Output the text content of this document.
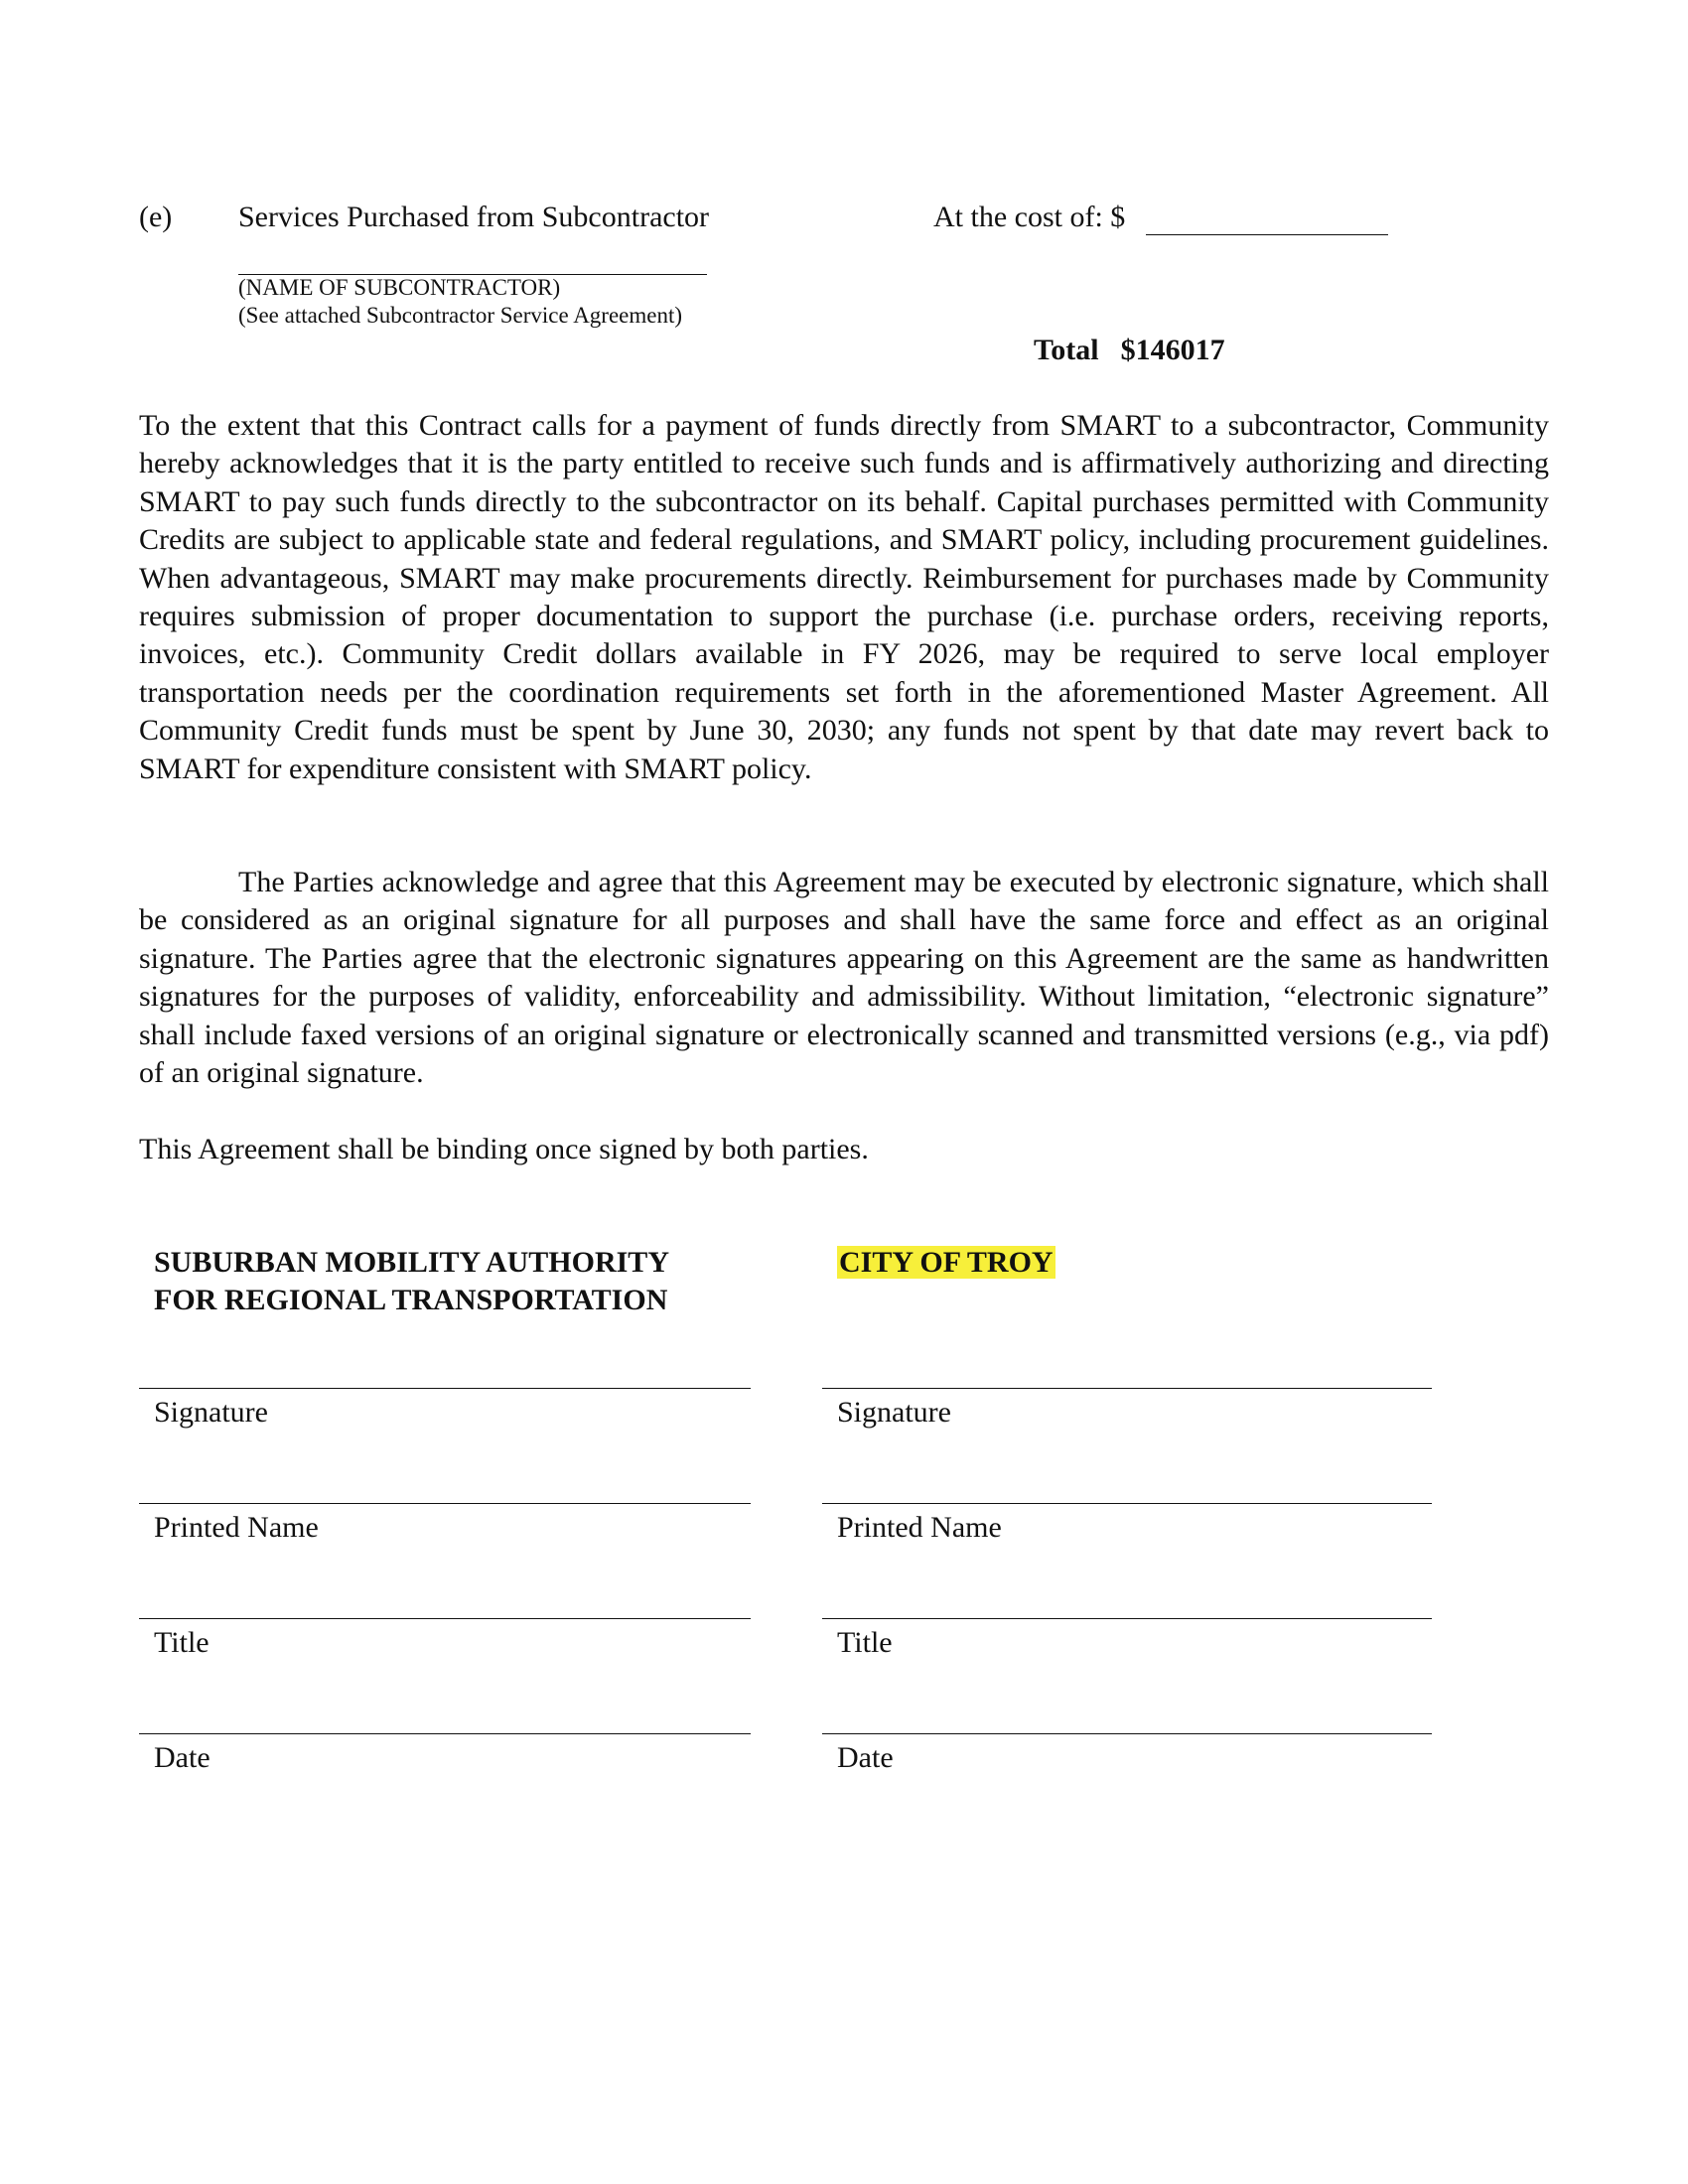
(e) Services Purchased from Subcontractor	At the cost of: $
(NAME OF SUBCONTRACTOR)
(See attached Subcontractor Service Agreement)
Total $146017

To the extent that this Contract calls for a payment of funds directly from SMART to a subcontractor, Community hereby acknowledges that it is the party entitled to receive such funds and is affirmatively authorizing and directing SMART to pay such funds directly to the subcontractor on its behalf. Capital purchases permitted with Community Credits are subject to applicable state and federal regulations, and SMART policy, including procurement guidelines. When advantageous, SMART may make procurements directly. Reimbursement for purchases made by Community requires submission of proper documentation to support the purchase (i.e. purchase orders, receiving reports, invoices, etc.). Community Credit dollars available in FY 2026, may be required to serve local employer transportation needs per the coordination requirements set forth in the aforementioned Master Agreement. All Community Credit funds must be spent by June 30, 2030; any funds not spent by that date may revert back to SMART for expenditure consistent with SMART policy.

The Parties acknowledge and agree that this Agreement may be executed by electronic signature, which shall be considered as an original signature for all purposes and shall have the same force and effect as an original signature. The Parties agree that the electronic signatures appearing on this Agreement are the same as handwritten signatures for the purposes of validity, enforceability and admissibility. Without limitation, “electronic signature” shall include faxed versions of an original signature or electronically scanned and transmitted versions (e.g., via pdf) of an original signature.

This Agreement shall be binding once signed by both parties.

SUBURBAN MOBILITY AUTHORITY
FOR REGIONAL TRANSPORTATION
CITY OF TROY
Signature
Printed Name
Title
Date
Signature
Printed Name
Title
Date
